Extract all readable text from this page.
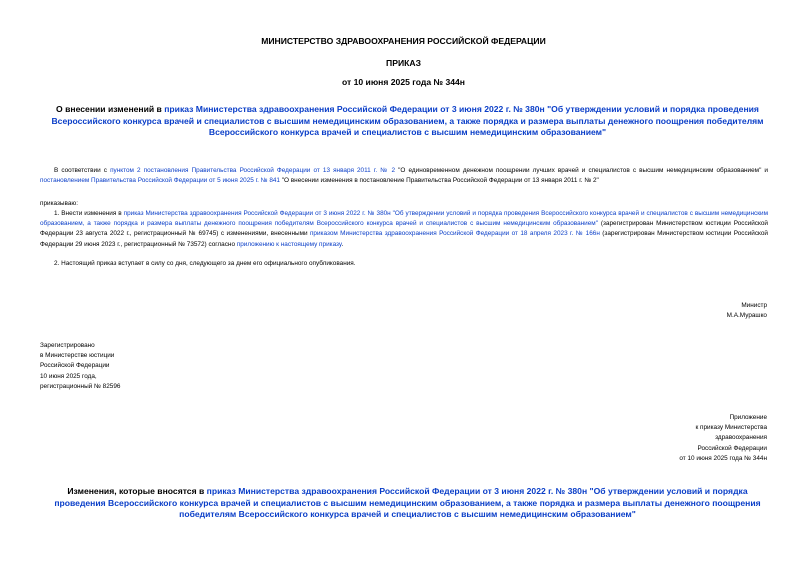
МИНИСТЕРСТВО ЗДРАВООХРАНЕНИЯ РОССИЙСКОЙ ФЕДЕРАЦИИ
ПРИКАЗ
от 10 июня 2025 года № 344н
О внесении изменений в приказ Министерства здравоохранения Российской Федерации от 3 июня 2022 г. № 380н "Об утверждении условий и порядка проведения Всероссийского конкурса врачей и специалистов с высшим немедицинским образованием, а также порядка и размера выплаты денежного поощрения победителям Всероссийского конкурса врачей и специалистов с высшим немедицинским образованием"
В соответствии с пунктом 2 постановления Правительства Российской Федерации от 13 января 2011 г. № 2 "О единовременном денежном поощрении лучших врачей и специалистов с высшим немедицинским образованием" и постановлением Правительства Российской Федерации от 5 июня 2025 г. № 841 "О внесении изменения в постановление Правительства Российской Федерации от 13 января 2011 г. № 2"
приказываю:
1. Внести изменения в приказ Министерства здравоохранения Российской Федерации от 3 июня 2022 г. № 380н "Об утверждении условий и порядка проведения Всероссийского конкурса врачей и специалистов с высшим немедицинским образованием, а также порядка и размера выплаты денежного поощрения победителям Всероссийского конкурса врачей и специалистов с высшим немедицинским образованием" (зарегистрирован Министерством юстиции Российской Федерации 23 августа 2022 г., регистрационный № 69745) с изменениями, внесенными приказом Министерства здравоохранения Российской Федерации от 18 апреля 2023 г. № 166н (зарегистрирован Министерством юстиции Российской Федерации 29 июня 2023 г., регистрационный № 73572) согласно приложению к настоящему приказу.
2. Настоящий приказ вступает в силу со дня, следующего за днем его официального опубликования.
Министр
М.А.Мурашко
Зарегистрировано
в Министерстве юстиции
Российской Федерации
10 июня 2025 года,
регистрационный № 82596
Приложение
к приказу Министерства
здравоохранения
Российской Федерации
от 10 июня 2025 года № 344н
Изменения, которые вносятся в приказ Министерства здравоохранения Российской Федерации от 3 июня 2022 г. № 380н "Об утверждении условий и порядка проведения Всероссийского конкурса врачей и специалистов с высшим немедицинским образованием, а также порядка и размера выплаты денежного поощрения победителям Всероссийского конкурса врачей и специалистов с высшим немедицинским образованием"
